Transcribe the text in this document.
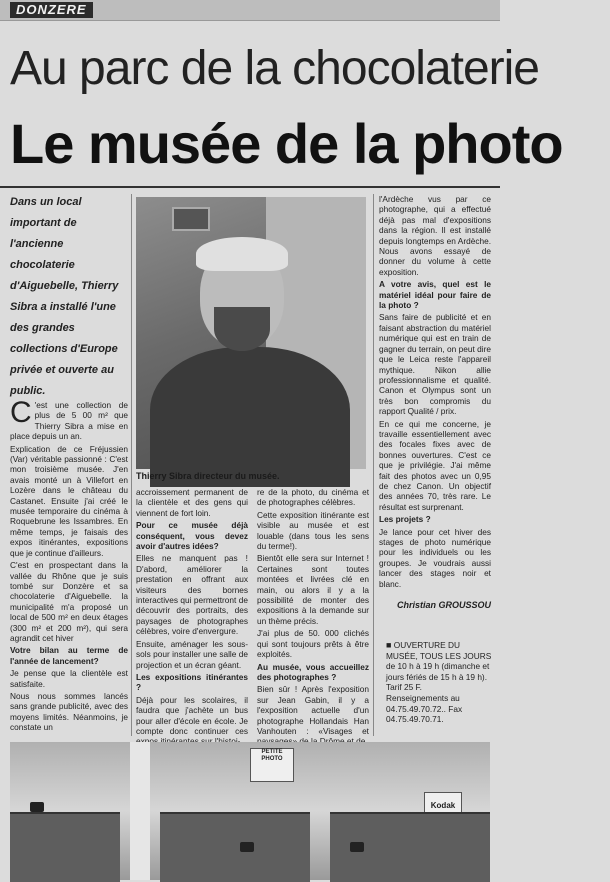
DONZERE
Au parc de la chocolaterie
Le musée de la photo
Dans un local important de l'ancienne chocolaterie d'Aiguebelle, Thierry Sibra a installé l'une des grandes collections d'Europe privée et ouverte au public.
Thierry Sibra directeur du musée.

C 'est une collection de plus de 5 00 m² que Thierry Sibra a mise en place depuis un an.

Explication de ce Fréjussien (Var) véritable passionné : C'est mon troisième musée. J'en avais monté un à Villefort en Lozère dans le château du Castanet. Ensuite j'ai créé le musée temporaire du cinéma à Roquebrune les Issambres. En même temps, je faisais des expos itinérantes, expositions que je continue d'ailleurs.

C'est en prospectant dans la vallée du Rhône que je suis tombé sur Donzère et sa chocolaterie d'Aiguebelle. la municipalité m'a proposé un local de 500 m² en deux étages (300 m² et 200 m²), qui sera agrandit cet hiver

Votre bilan au terme de l'année de lancement?

Je pense que la clientèle est satisfaite.

Nous nous sommes lancés sans grande publicité, avec des moyens limités. Néanmoins, je constate un

accroissement permanent de la clientèle et des gens qui viennent de fort loin.

Pour ce musée déjà conséquent, vous devez avoir d'autres idées?

Elles ne manquent pas ! D'abord, améliorer la prestation en offrant aux visiteurs des bornes interactives qui permettront de découvrir des portraits, des paysages de photographes célèbres, voire d'envergure.

Ensuite, aménager les sous-sols pour installer une salle de projection et un écran géant.

Les expositions itinérantes ?

Déjà pour les scolaires, il faudra que j'achète un bus pour aller d'école en école. Je compte donc continuer ces

re de la photo, du cinéma et de photographes célèbres.

Cette exposition itinérante est visible au musée et est louable (dans tous les sens du terme!).

Bientôt elle sera sur Internet ! Certaines sont toutes montées et livrées clé en main, ou alors il y a la possibilité de monter des expositions à la demande sur un thème précis.

J'ai plus de 50. 000 clichés qui sont toujours prêts à être exploités.

Au musée, vous accueillez des photographes ?

Bien sûr ! Après l'exposition sur Jean Gabin, il y a l'exposition actuelle d'un photographe Hollandais Han Vanhouten : «Visages et

l'Ardèche vus par ce photographe, qui a effectué déjà pas mal d'expositions dans la région. Il est installé depuis longtemps en Ardèche. Nous avons essayé de donner du volume à cette exposition.

A votre avis, quel est le matériel idéal pour faire de la photo ?

Sans faire de publicité et en faisant abstraction du matériel numérique qui est en train de gagner du terrain, on peut dire que le Leica reste l'appareil mythique. Nikon allie professionnalisme et qualité. Canon et Olympus sont un très bon compromis du rapport Qualité / prix.

En ce qui me concerne, je travaille essentiellement avec des focales fixes avec de bonnes ouvertures. C'est ce que je privilégie. J'ai même fait des photos avec un 0,95 de chez Canon. Un objectif des années 70, très rare. Le résultat est surprenant.

Les projets ?

Je lance pour cet hiver des stages de photo numérique pour les individuels ou les groupes. Je voudrais aussi lancer des stages noir et blanc.

Christian GROUSSOU
■ OUVERTURE DU MUSÉE, TOUS LES JOURS
de 10 h à 19 h (dimanche et jours fériés de 15 h à 19 h). Tarif 25 F.
Renseignements au 04.75.49.70.72.. Fax 04.75.49.70.71.
PETITE PHOTO
Kodak
